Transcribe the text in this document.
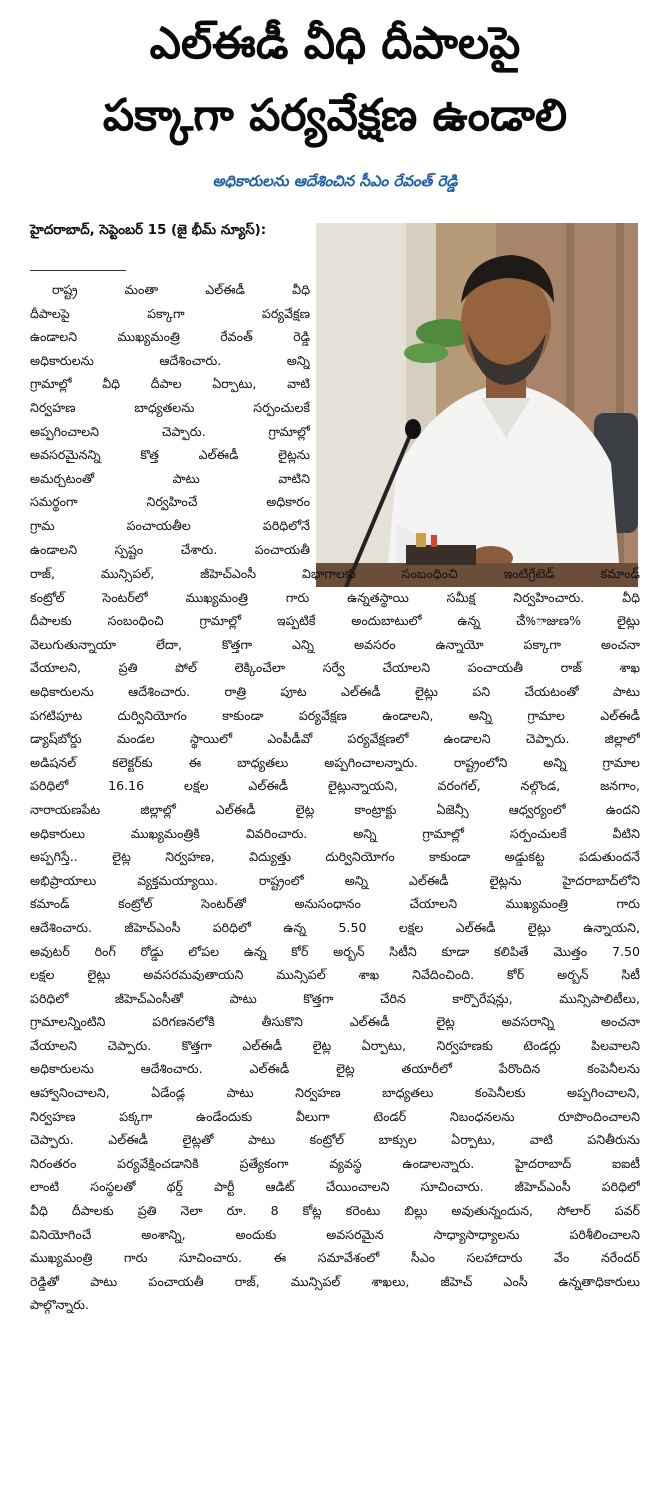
ఎల్ఈడీ వీధి దీపాలపై
పక్కాగా పర్యవేక్షణ ఉండాలి
అధికారులను ఆదేశించిన సీఎం రేవంత్ రెడ్డి
హైదరాబాద్, సెప్టెంబర్ 15 (జై భీమ్ న్యూస్):
రాష్ట్ర మంతా ఎల్ఈడీ వీధి
దీపాలపై పక్కాగా పర్యవేక్షణ
ఉండాలని ముఖ్యమంత్రి రేవంత్ రెడ్డి
అధికారులను ఆదేశించారు. అన్ని
గ్రామాల్లో వీధి దీపాల ఏర్పాటు, వాటి
నిర్వహణ బాధ్యతలను సర్పంచులకే
అప్పగించాలని చెప్పారు. గ్రామాల్లో
అవసరమైనన్ని కొత్త ఎల్ఈడీ లైట్లను
అమర్చటంతో పాటు వాటిని
సమర్థంగా నిర్వహించే అధికారం
గ్రామ పంచాయతీల పరిధిలోనే
ఉండాలని స్పష్టం చేశారు. పంచాయతీ
రాజ్, మున్సిపల్, జీహెచ్ఎంసీ విభాగాలకు సంబంధించి ఇంటిగ్రేటెడ్ కమాండ్
కంట్రోల్ సెంటర్‌లో ముఖ్యమంత్రి గారు ఉన్నతస్థాయి సమీక్ష నిర్వహించారు. వీధి
దీపాలకు సంబంధించి గ్రామాల్లో ఇప్పటికే అందుబాటులో ఉన్న ౘ%ాజుణ% లైట్లు
వెలుగుతున్నాయా లేదా, కొత్తగా ఎన్ని అవసరం ఉన్నాయో పక్కాగా అంచనా
వేయాలని, ప్రతి పోల్ లెక్కించేలా సర్వే చేయాలని పంచాయతీ రాజ్ శాఖ
అధికారులను ఆదేశించారు. రాత్రి పూట ఎల్ఈడీ లైట్లు పని చేయటంతో పాటు
పగటిపూట దుర్వినియోగం కాకుండా పర్యవేక్షణ ఉండాలని, అన్ని గ్రామాల ఎల్ఈడీ
డ్యాష్‌బోర్డు మండల స్థాయిలో ఎంపీడీవో పర్యవేక్షణలో ఉండాలని చెప్పారు. జిల్లాలో
అడిషనల్ కలెక్టర్‌కు ఈ బాధ్యతలు అప్పగించాలన్నారు. రాష్ట్రంలోని అన్ని గ్రామాల
పరిధిలో 16.16 లక్షల ఎల్ఈడీ లైట్లున్నాయని, వరంగల్, నల్గొండ, జనగాం,
నారాయణపేట జిల్లాల్లో ఎల్ఈడీ లైట్ల కాంట్రాక్టు ఏజెన్సీ ఆధ్వర్యంలో ఉందని
అధికారులు ముఖ్యమంత్రికి వివరించారు. అన్ని గ్రామాల్లో సర్పంచులకే వీటిని
అప్పగిస్తే.. లైట్ల నిర్వహణ, విద్యుత్తు దుర్వినియోగం కాకుండా అడ్డుకట్ట పడుతుందనే
అభిప్రాయాలు వ్యక్తమయ్యాయి. రాష్ట్రంలో అన్ని ఎల్ఈడీ లైట్లను హైదరాబాద్‌లోని
కమాండ్ కంట్రోల్ సెంటర్‌తో అనుసంధానం చేయాలని ముఖ్యమంత్రి గారు
ఆదేశించారు. జీహెచ్ఎంసీ పరిధిలో ఉన్న 5.50 లక్షల ఎల్ఈడీ లైట్లు ఉన్నాయని,
అవుటర్ రింగ్ రోడ్డు లోపల ఉన్న కోర్ అర్బన్ సిటీని కూడా కలిపితే మొత్తం 7.50
లక్షల లైట్లు అవసరమవుతాయని మున్సిపల్ శాఖ నివేదించింది. కోర్ అర్బన్ సిటీ
పరిధిలో జీహెచ్ఎంసీతో పాటు కొత్తగా చేరిన కార్పొరేషన్లు, మున్సిపాలిటీలు,
గ్రామాలన్నింటిని పరిగణనలోకి తీసుకొని ఎల్ఈడీ లైట్ల అవసరాన్ని అంచనా
వేయాలని చెప్పారు. కొత్తగా ఎల్ఈడీ లైట్ల ఏర్పాటు, నిర్వహణకు టెండర్లు పిలవాలని
అధికారులను ఆదేశించారు. ఎల్ఈడీ లైట్ల తయారీలో పేరొందిన కంపెనీలను
ఆహ్వానించాలని, ఏడేండ్ల పాటు నిర్వహణ బాధ్యతలు కంపెనీలకు అప్పగించాలని,
నిర్వహణ పక్కగా ఉండేందుకు వీలుగా టెండర్ నిబంధనలను రూపొందించాలని
చెప్పారు. ఎల్ఈడీ లైట్లతో పాటు కంట్రోల్ బాక్సుల ఏర్పాటు, వాటి పనితీరును
నిరంతరం పర్యవేక్షించడానికి ప్రత్యేకంగా వ్యవస్థ ఉండాలన్నారు. హైదరాబాద్ ఐఐటీ
లాంటి సంస్థలతో థర్డ్ పార్టీ ఆడిట్ చేయించాలని సూచించారు. జీహెచ్ఎంసీ పరిధిలో
వీధి దీపాలకు ప్రతి నెలా రూ. 8 కోట్ల కరెంటు బిల్లు అవుతున్నందున, సోలార్ పవర్
వినియోగించే అంశాన్ని, అందుకు అవసరమైన సాధ్యాసాధ్యాలను పరిశీలించాలని
ముఖ్యమంత్రి గారు సూచించారు. ఈ సమావేశంలో సీఎం సలహాదారు వేం నరేందర్
రెడ్డితో పాటు పంచాయతీ రాజ్, మున్సిపల్ శాఖలు, జీహెచ్ ఎంసీ ఉన్నతాధికారులు
పాల్గొన్నారు.
